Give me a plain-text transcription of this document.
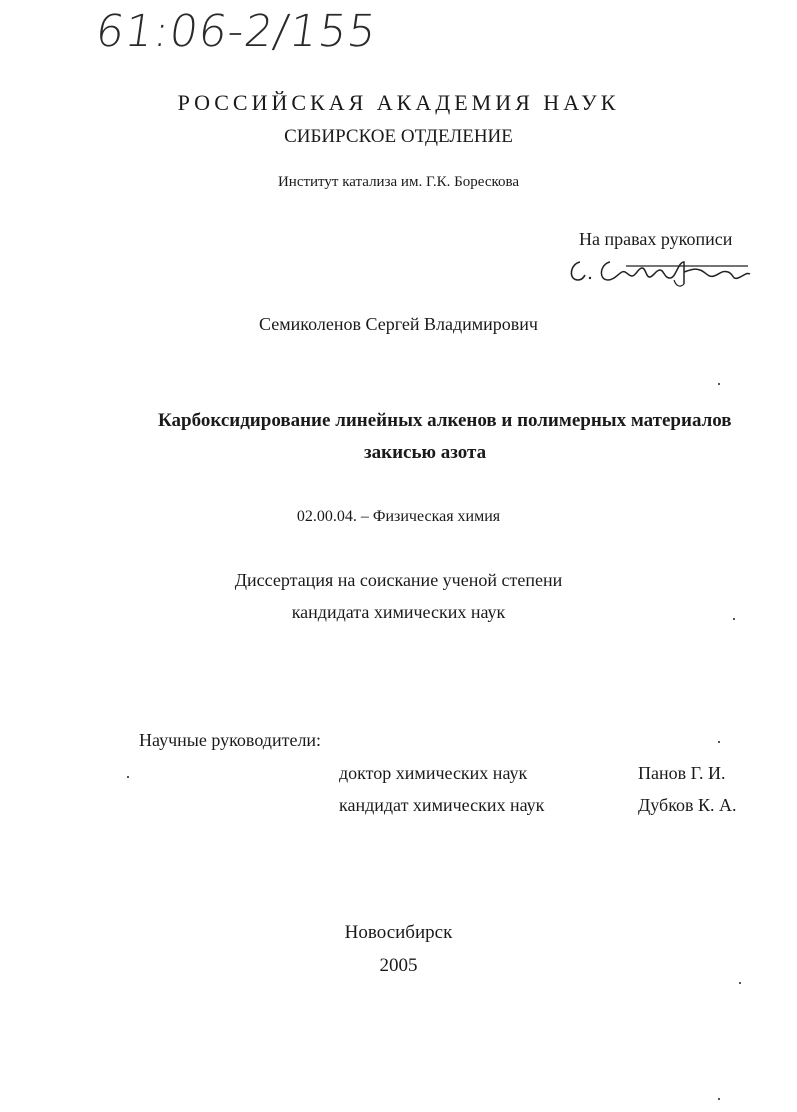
61:06-2/155
РОССИЙСКАЯ АКАДЕМИЯ НАУК
СИБИРСКОЕ ОТДЕЛЕНИЕ
Институт катализа им. Г.К. Борескова
На правах рукописи
Семиколенов Сергей Владимирович
Карбоксидирование линейных алкенов и полимерных материалов
закисью азота
02.00.04. – Физическая химия
Диссертация на соискание ученой степени
кандидата химических наук
Научные руководители:
доктор химических наук	Панов Г. И.
кандидат химических наук	Дубков К. А.
Новосибирск
2005
